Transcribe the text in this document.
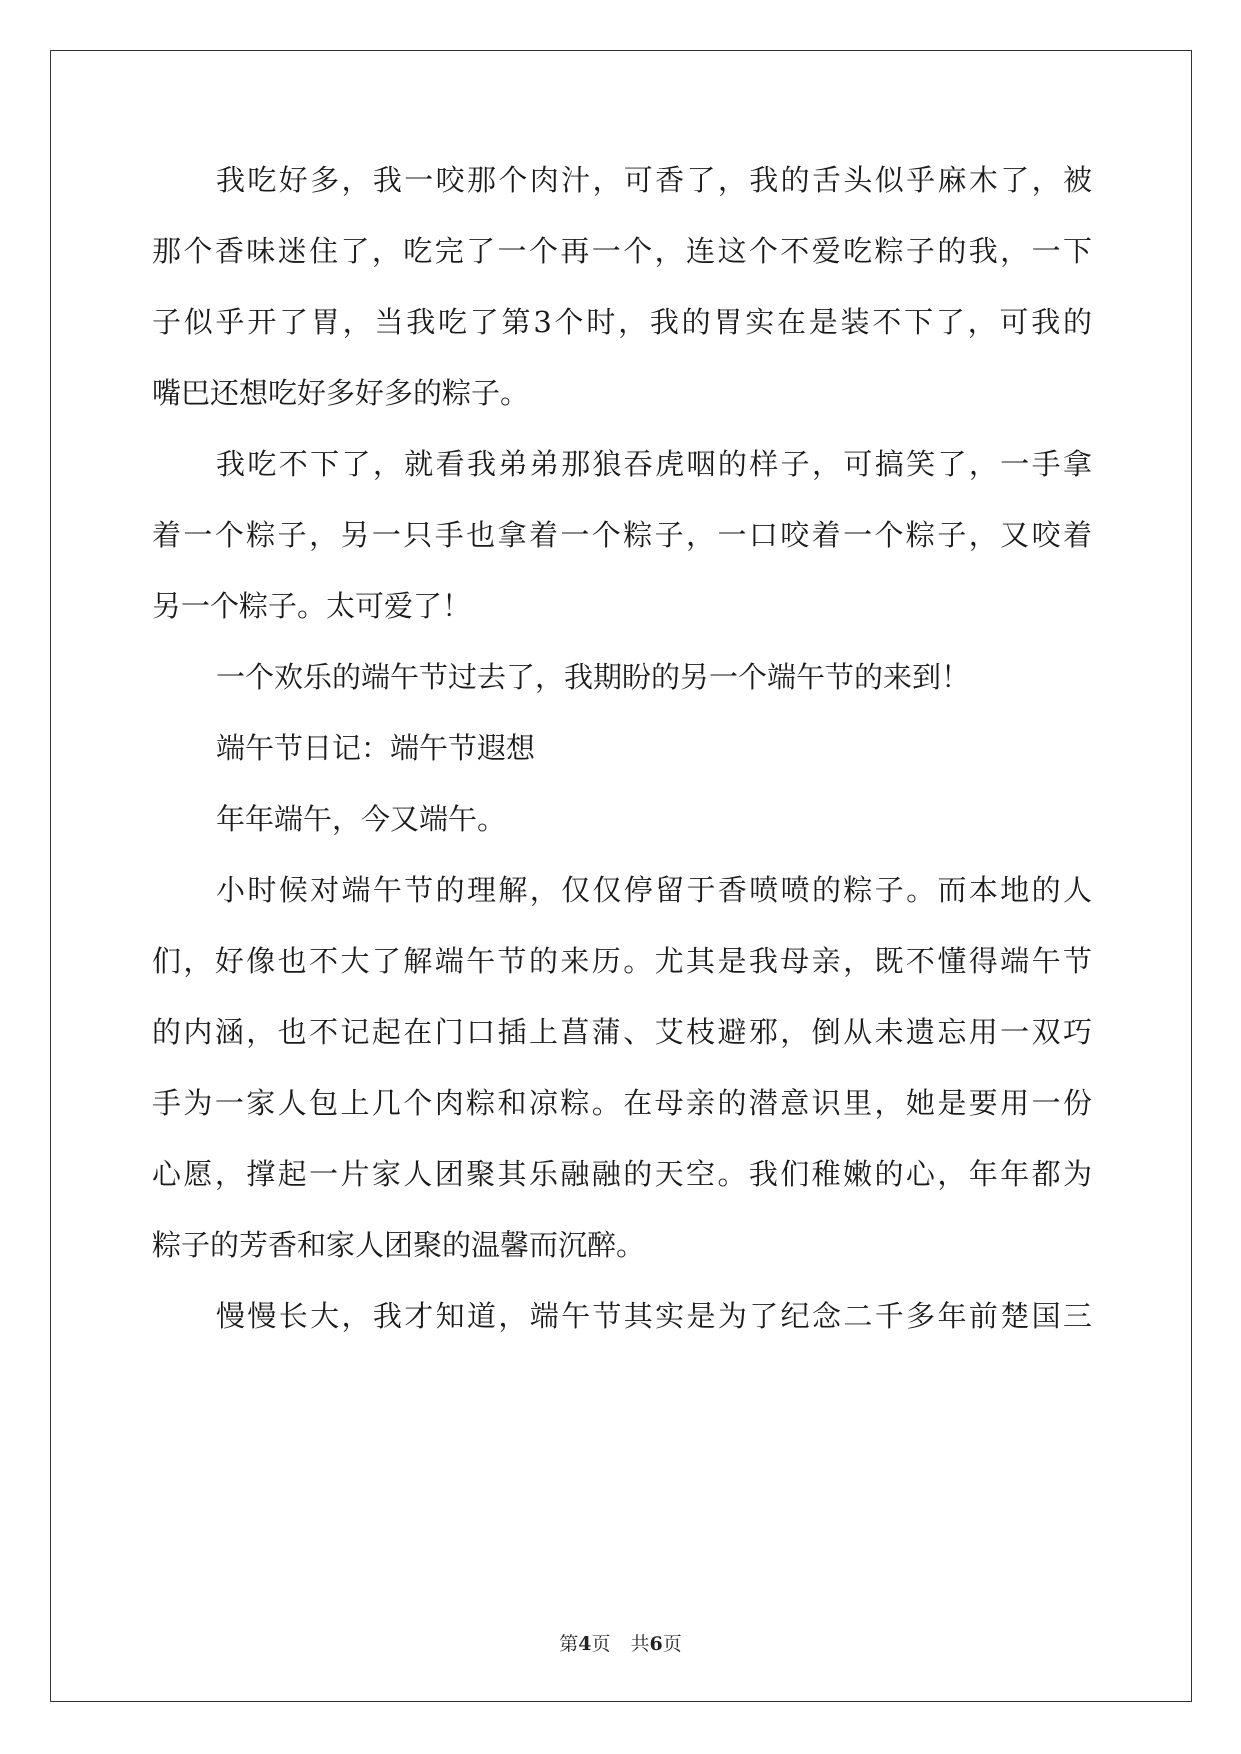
我吃好多，我一咬那个肉汁，可香了，我的舌头似乎麻木了，被
那个香味迷住了，吃完了一个再一个，连这个不爱吃粽子的我，一下
子似乎开了胃，当我吃了第3个时，我的胃实在是装不下了，可我的
嘴巴还想吃好多好多的粽子。
我吃不下了，就看我弟弟那狼吞虎咽的样子，可搞笑了，一手拿
着一个粽子，另一只手也拿着一个粽子，一口咬着一个粽子，又咬着
另一个粽子。太可爱了！
一个欢乐的端午节过去了，我期盼的另一个端午节的来到！
端午节日记：端午节遐想
年年端午，今又端午。
小时候对端午节的理解，仅仅停留于香喷喷的粽子。而本地的人
们，好像也不大了解端午节的来历。尤其是我母亲，既不懂得端午节
的内涵，也不记起在门口插上菖蒲、艾枝避邪，倒从未遗忘用一双巧
手为一家人包上几个肉粽和凉粽。在母亲的潜意识里，她是要用一份
心愿，撑起一片家人团聚其乐融融的天空。我们稚嫩的心，年年都为
粽子的芳香和家人团聚的温馨而沉醉。
慢慢长大，我才知道，端午节其实是为了纪念二千多年前楚国三
第4页 共6页
